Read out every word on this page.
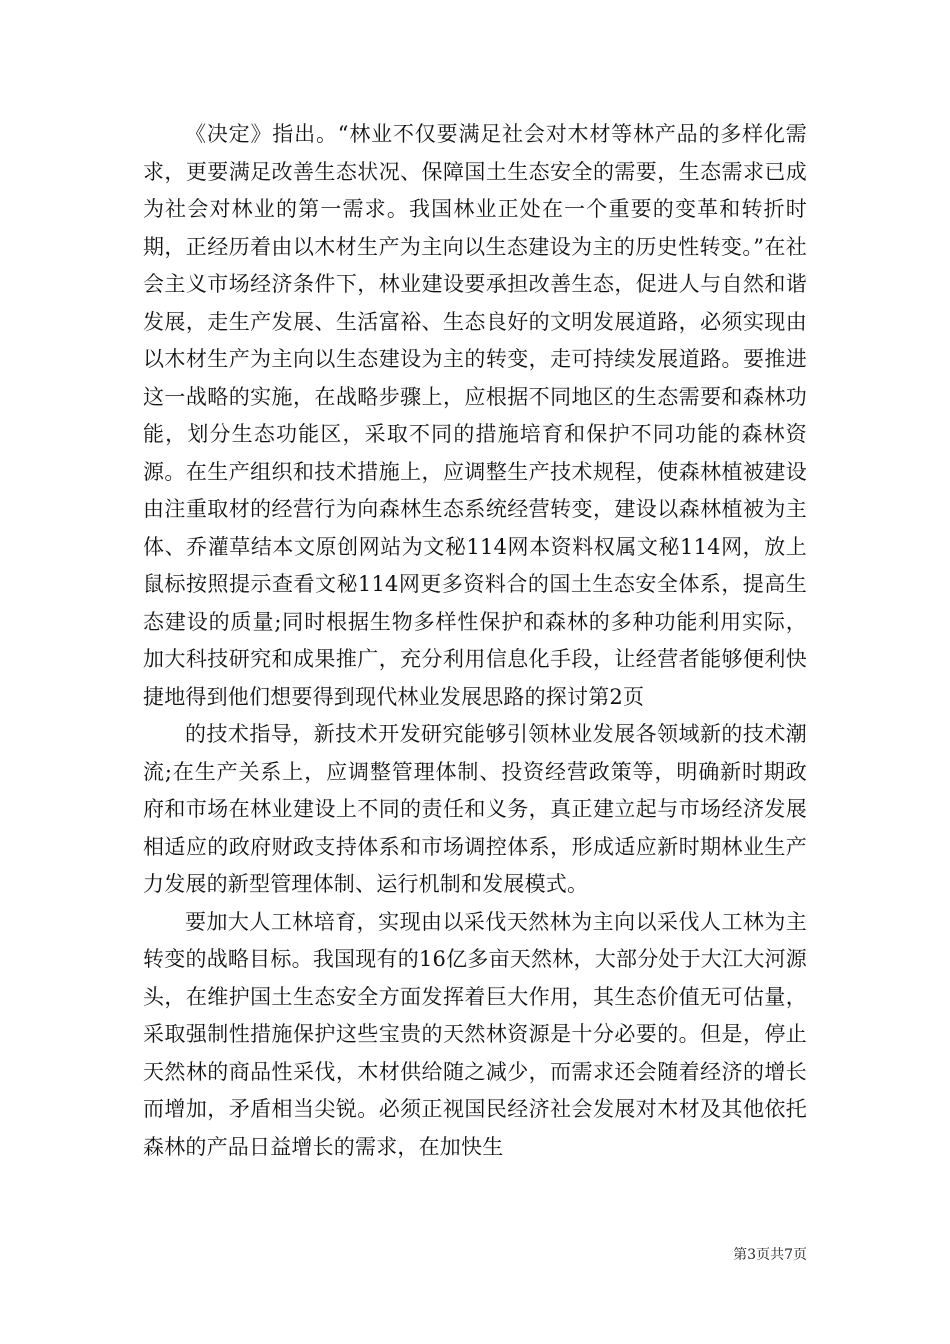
《决定》指出。“林业不仅要满足社会对木材等林产品的多样化需求，更要满足改善生态状况、保障国土生态安全的需要，生态需求已成为社会对林业的第一需求。我国林业正处在一个重要的变革和转折时期，正经历着由以木材生产为主向以生态建设为主的历史性转变。”在社会主义市场经济条件下，林业建设要承担改善生态，促进人与自然和谐发展，走生产发展、生活富裕、生态良好的文明发展道路，必须实现由以木材生产为主向以生态建设为主的转变，走可持续发展道路。要推进这一战略的实施，在战略步骤上，应根据不同地区的生态需要和森林功能，划分生态功能区，采取不同的措施培育和保护不同功能的森林资源。在生产组织和技术措施上，应调整生产技术规程，使森林植被建设由注重取材的经营行为向森林生态系统经营转变，建设以森林植被为主体、乔灌草结本文原创网站为文秘114网本资料权属文秘114网，放上鼠标按照提示查看文秘114网更多资料合的国土生态安全体系，提高生态建设的质量;同时根据生物多样性保护和森林的多种功能利用实际，加大科技研究和成果推广，充分利用信息化手段，让经营者能够便利快捷地得到他们想要得到现代林业发展思路的探讨第2页

的技术指导，新技术开发研究能够引领林业发展各领域新的技术潮流;在生产关系上，应调整管理体制、投资经营政策等，明确新时期政府和市场在林业建设上不同的责任和义务，真正建立起与市场经济发展相适应的政府财政支持体系和市场调控体系，形成适应新时期林业生产力发展的新型管理体制、运行机制和发展模式。

要加大人工林培育，实现由以采伐天然林为主向以采伐人工林为主转变的战略目标。我国现有的16亿多亩天然林，大部分处于大江大河源头，在维护国土生态安全方面发挥着巨大作用，其生态价值无可估量，采取强制性措施保护这些宝贵的天然林资源是十分必要的。但是，停止天然林的商品性采伐，木材供给随之减少，而需求还会随着经济的增长而增加，矛盾相当尖锐。必须正视国民经济社会发展对木材及其他依托森林的产品日益增长的需求，在加快生

第3页共7页
